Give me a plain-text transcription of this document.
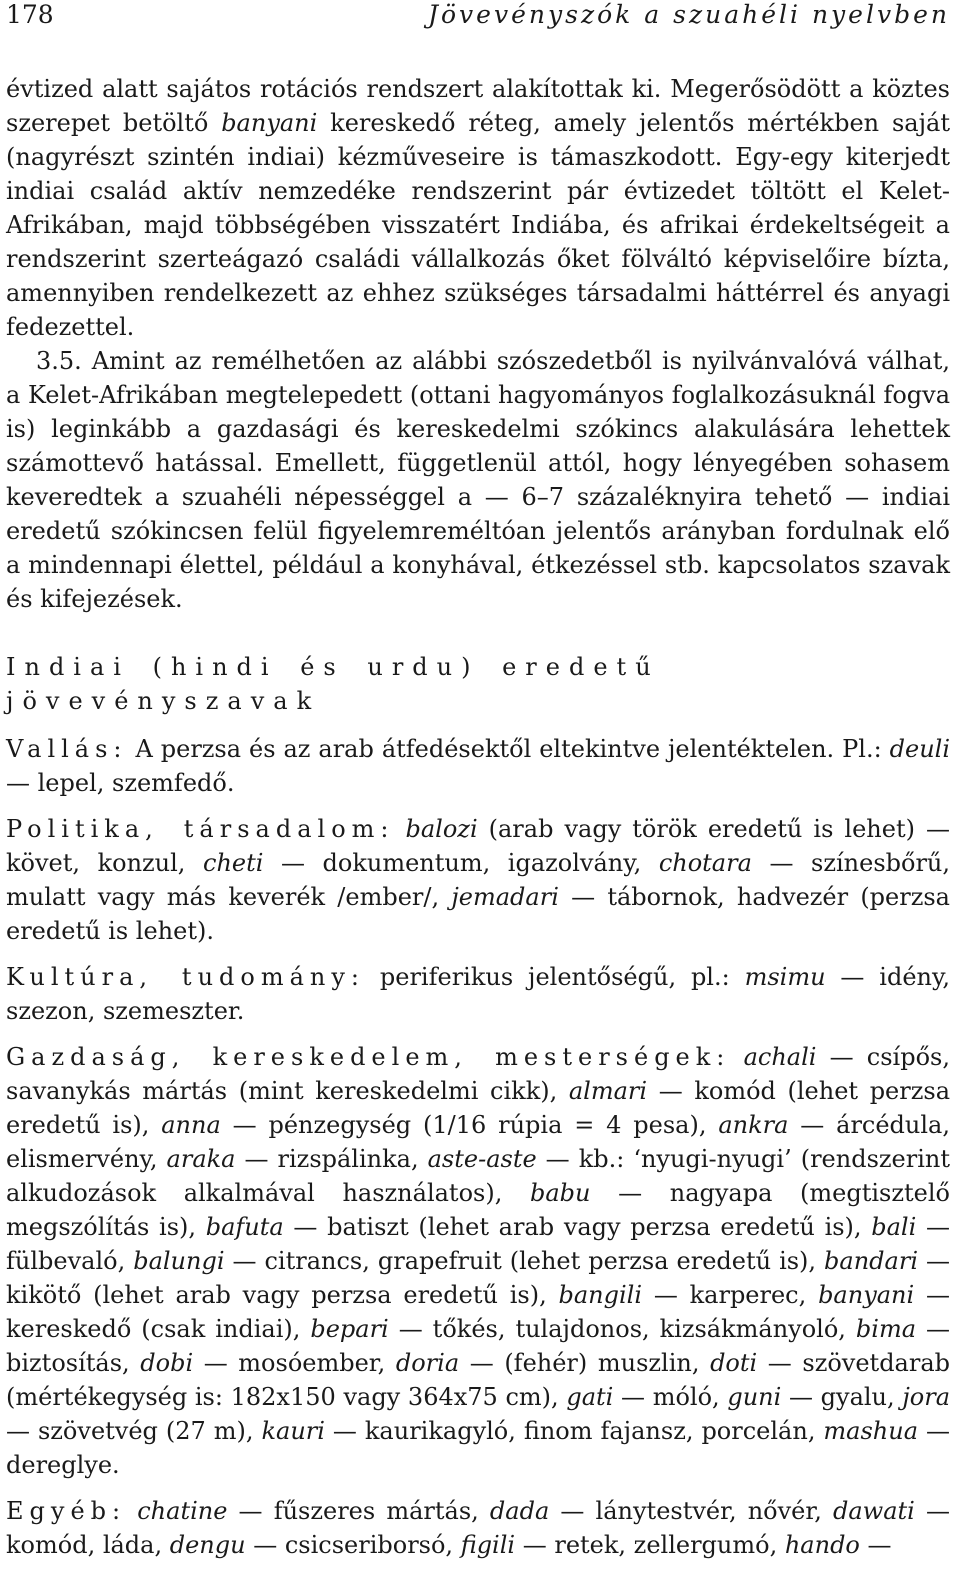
178	Jövevényszók a szuahéli nyelvben

évtized alatt sajátos rotációs rendszert alakítottak ki. Megerősödött a köztes szerepet betöltő banyani kereskedő réteg, amely jelentős mértékben saját (nagyrészt szintén indiai) kézműveseire is támaszkodott. Egy-egy kiterjedt indiai család aktív nemzedéke rendszerint pár évtizedet töltött el Kelet-Afrikában, majd többségében visszatért Indiába, és afrikai érdekeltségeit a rendszerint szerteágazó családi vállalkozás őket fölváltó képviselőire bízta, amennyiben rendelkezett az ehhez szükséges társadalmi háttérrel és anyagi fedezettel.

3.5. Amint az remélhetően az alábbi szószedetből is nyilvánvalóvá válhat, a Kelet-Afrikában megtelepedett (ottani hagyományos foglalkozásuknál fogva is) leginkább a gazdasági és kereskedelmi szókincs alakulására lehettek számottevő hatással. Emellett, függetlenül attól, hogy lényegében sohasem keveredtek a szuahéli népességgel a — 6–7 százaléknyira tehető — indiai eredetű szókincsen felül figyelemreméltóan jelentős arányban fordulnak elő a mindennapi élettel, például a konyhával, étkezéssel stb. kapcsolatos szavak és kifejezések.

Indiai (hindi és urdu) eredetű jövevényszavak

Vallás: A perzsa és az arab átfedésektől eltekintve jelentéktelen. Pl.: deuli — lepel, szemfedő.

Politika, társadalom: balozi (arab vagy török eredetű is lehet) — követ, konzul, cheti — dokumentum, igazolvány, chotara — színesbőrű, mulatt vagy más keverék /ember/, jemadari — tábornok, hadvezér (perzsa eredetű is lehet).

Kultúra, tudomány: periferikus jelentőségű, pl.: msimu — idény, szezon, szemeszter.

Gazdaság, kereskedelem, mesterségek: achali — csípős, savanykás mártás (mint kereskedelmi cikk), almari — komód (lehet perzsa eredetű is), anna — pénzegység (1/16 rúpia = 4 pesa), ankra — árcédula, elismervény, araka — rizspálinka, aste-aste — kb.: ‘nyugi-nyugi’ (rendszerint alkudozások alkalmával használatos), babu — nagyapa (megtisztelő megszólítás is), bafuta — batiszt (lehet arab vagy perzsa eredetű is), bali — fülbevaló, balungi — citrancs, grapefruit (lehet perzsa eredetű is), bandari — kikötő (lehet arab vagy perzsa eredetű is), bangili — karperec, banyani — kereskedő (csak indiai), bepari — tőkés, tulajdonos, kizsákmányoló, bima — biztosítás, dobi — mosóember, doria — (fehér) muszlin, doti — szövetdarab (mértékegység is: 182x150 vagy 364x75 cm), gati — móló, guni — gyalu, jora — szövetvég (27 m), kauri — kaurikagyló, finom fajansz, porcelán, mashua — dereglye.

Egyéb: chatine — fűszeres mártás, dada — lánytestvér, nővér, dawati — komód, láda, dengu — csicseriborsó, figili — retek, zellergumó, hando —
